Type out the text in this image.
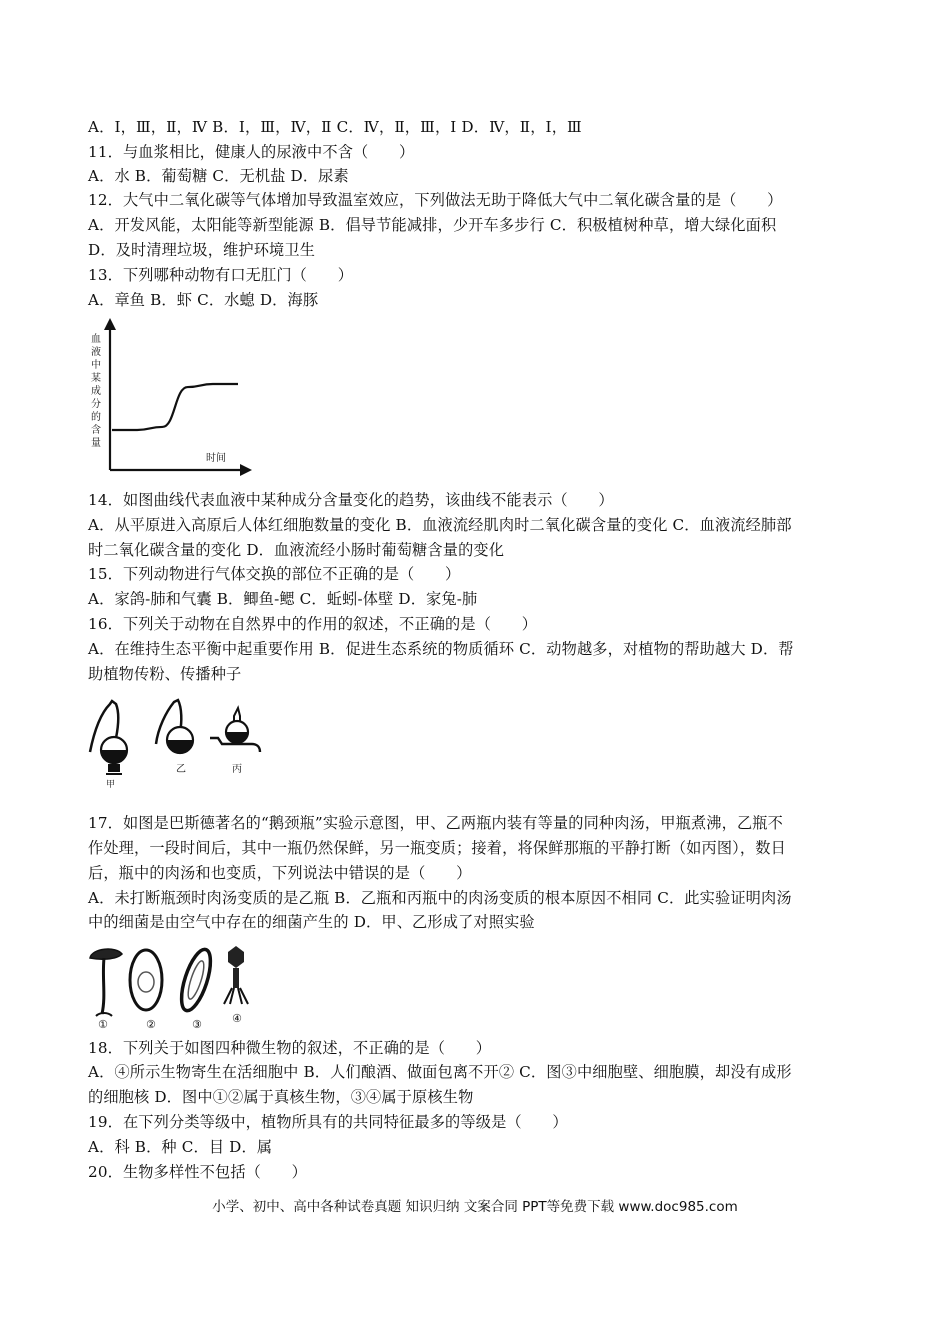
A．Ⅰ，Ⅲ，Ⅱ，Ⅳ B．Ⅰ，Ⅲ，Ⅳ，Ⅱ C．Ⅳ，Ⅱ，Ⅲ，Ⅰ D．Ⅳ，Ⅱ，Ⅰ，Ⅲ
11．与血浆相比，健康人的尿液中不含（　　）
A．水 B．葡萄糖 C．无机盐 D．尿素
12．大气中二氧化碳等气体增加导致温室效应，下列做法无助于降低大气中二氧化碳含量的是（　　）
A．开发风能，太阳能等新型能源 B．倡导节能减排，少开车多步行 C．积极植树种草，增大绿化面积
D．及时清理垃圾，维护环境卫生
13．下列哪种动物有口无肛门（　　）
A．章鱼 B．虾 C．水螅 D．海豚
血
液
中
某
成
分
的
含
量
时间
14．如图曲线代表血液中某种成分含量变化的趋势，该曲线不能表示（　　）
A．从平原进入高原后人体红细胞数量的变化 B．血液流经肌肉时二氧化碳含量的变化 C．血液流经肺部
时二氧化碳含量的变化 D．血液流经小肠时葡萄糖含量的变化
15．下列动物进行气体交换的部位不正确的是（　　）
A．家鸽-肺和气囊 B．鲫鱼-鳃 C．蚯蚓-体壁 D．家兔-肺
16．下列关于动物在自然界中的作用的叙述，不正确的是（　　）
A．在维持生态平衡中起重要作用 B．促进生态系统的物质循环 C．动物越多，对植物的帮助越大 D．帮
助植物传粉、传播种子
甲
乙	丙
17．如图是巴斯德著名的“鹅颈瓶”实验示意图，甲、乙两瓶内装有等量的同种肉汤，甲瓶煮沸，乙瓶不
作处理，一段时间后，其中一瓶仍然保鲜，另一瓶变质；接着，将保鲜那瓶的平静打断（如丙图），数日
后，瓶中的肉汤和也变质，下列说法中错误的是（　　）
A．未打断瓶颈时肉汤变质的是乙瓶 B．乙瓶和丙瓶中的肉汤变质的根本原因不相同 C．此实验证明肉汤
中的细菌是由空气中存在的细菌产生的 D．甲、乙形成了对照实验
①	②	③	④
18．下列关于如图四种微生物的叙述，不正确的是（　　）
A．④所示生物寄生在活细胞中 B．人们酿酒、做面包离不开② C．图③中细胞壁、细胞膜，却没有成形
的细胞核 D．图中①②属于真核生物，③④属于原核生物
19．在下列分类等级中，植物所具有的共同特征最多的等级是（　　）
A．科 B．种 C．目 D．属
20．生物多样性不包括（　　）
小学、初中、高中各种试卷真题 知识归纳 文案合同 PPT等免费下载 www.doc985.com
